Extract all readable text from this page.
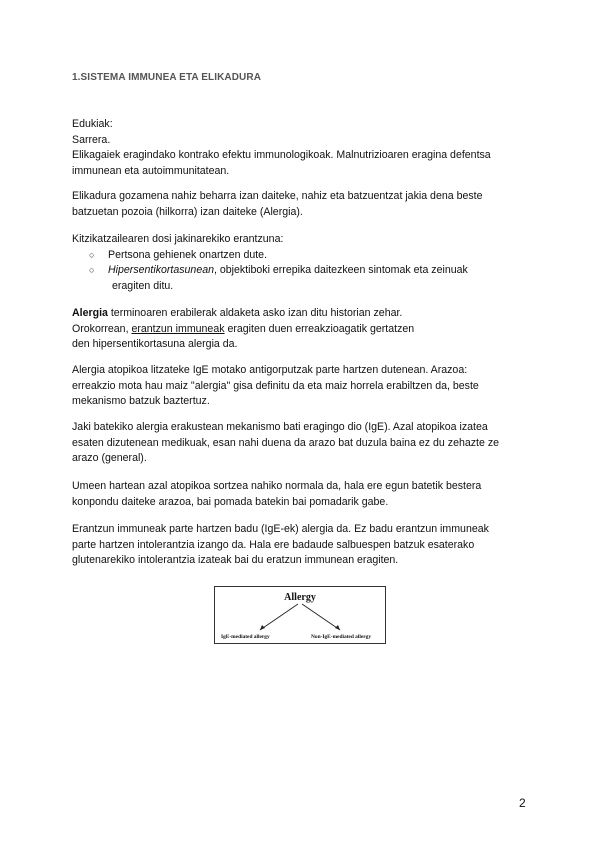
1.SISTEMA IMMUNEA ETA ELIKADURA

Edukiak:

Sarrera.

Elikagaiek eragindako kontrako efektu immunologikoak. Malnutrizioaren eragina defentsa

immunean eta autoimmunitatean.

Elikadura gozamena nahiz beharra izan daiteke, nahiz eta batzuentzat jakia dena beste

batzuetan pozoia (hilkorra) izan daiteke (Alergia).

Kitzikatzailearen dosi jakinarekiko erantzuna:

○ Pertsona gehienek onartzen dute.
○ Hipersentikortasunean, objektiboki errepika daitezkeen sintomak eta zeinuak
eragiten ditu.

Alergia terminoaren erabilerak aldaketa asko izan ditu historian zehar.

Orokorrean, erantzun immuneak eragiten duen erreakzioagatik gertatzen

den hipersentikortasuna alergia da.

Alergia atopikoa litzateke IgE motako antigorputzak parte hartzen dutenean. Arazoa:

erreakzio mota hau maiz "alergia" gisa definitu da eta maiz horrela erabiltzen da, beste

mekanismo batzuk baztertuz.

Jaki batekiko alergia erakustean mekanismo bati eragingo dio (IgE). Azal atopikoa izatea

esaten dizutenean medikuak, esan nahi duena da arazo bat duzula baina ez du zehazte ze

arazo (general).

Umeen hartean azal atopikoa sortzea nahiko normala da, hala ere egun batetik bestera

konpondu daiteke arazoa, bai pomada batekin bai pomadarik gabe.

Erantzun immuneak parte hartzen badu (IgE-ek) alergia da. Ez badu erantzun immuneak

parte hartzen intolerantzia izango da. Hala ere badaude salbuespen batzuk esaterako

glutenarekiko intolerantzia izateak bai du eratzun immunean eragiten.

Allergy
IgE-mediated allergy	Non-IgE-mediated allergy
2
